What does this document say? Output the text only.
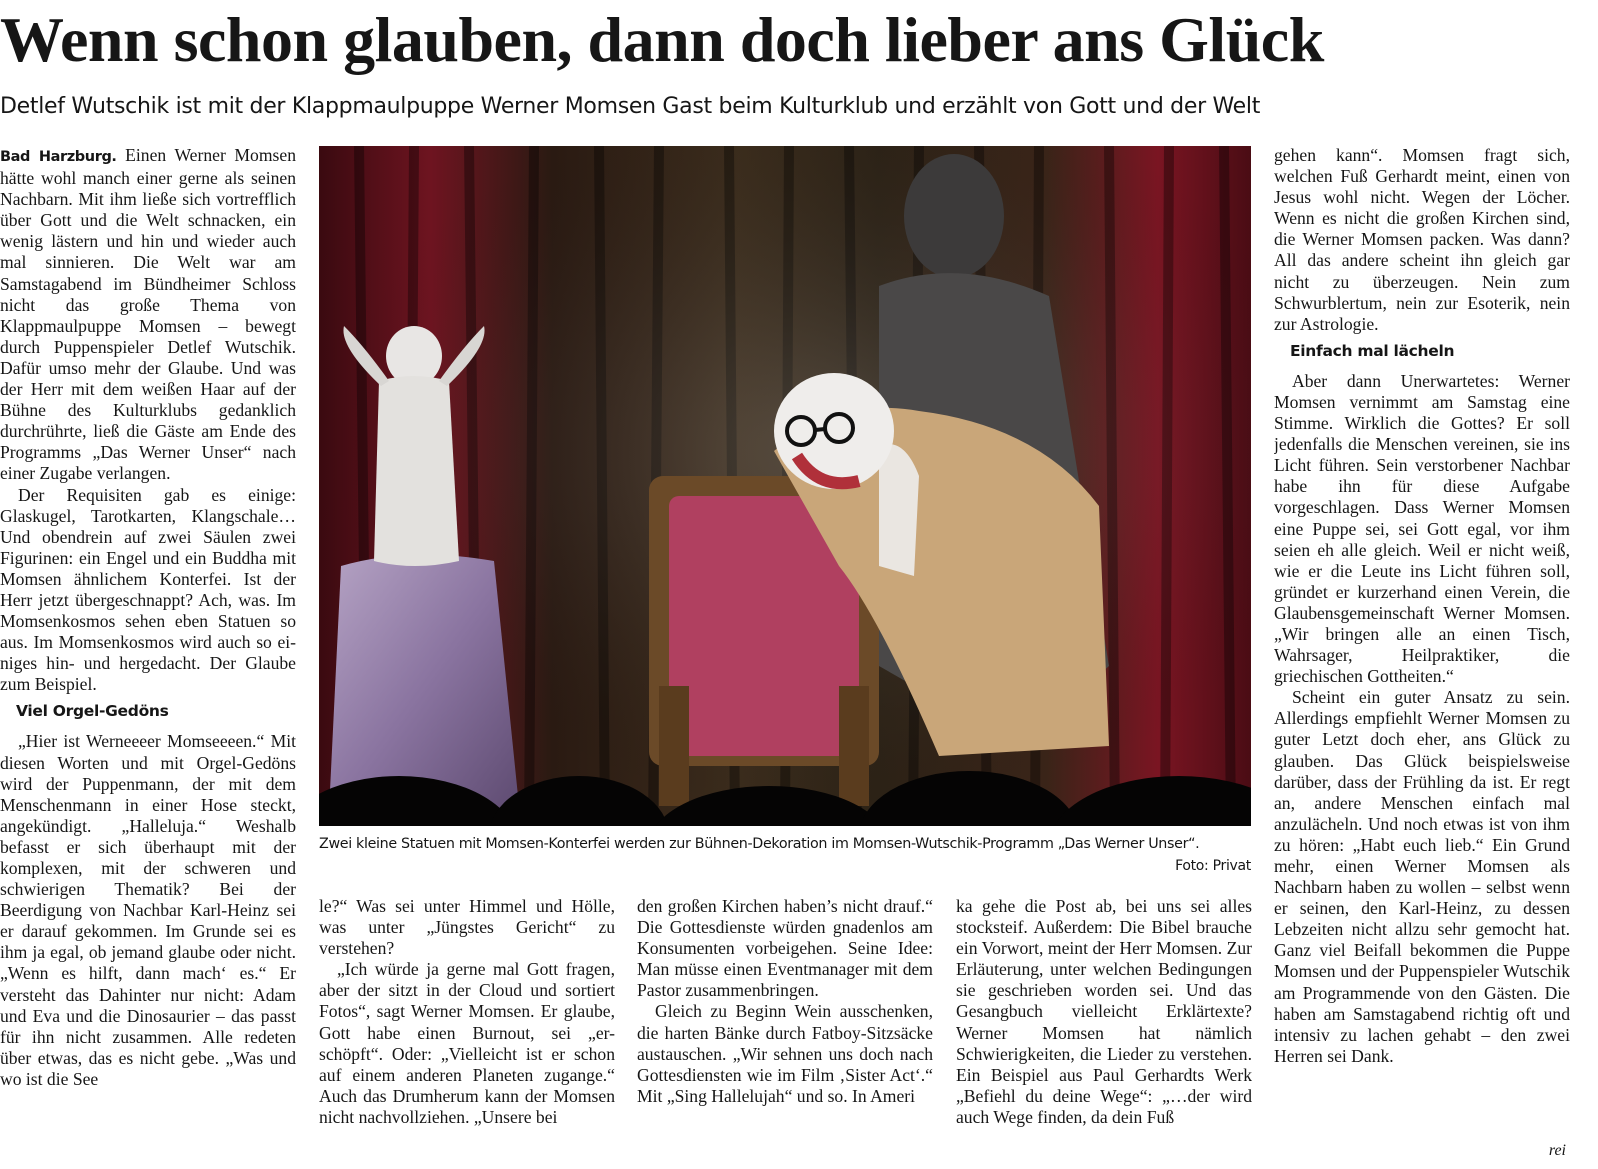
Wenn schon glauben, dann doch lieber ans Glück
Detlef Wutschik ist mit der Klappmaulpuppe Werner Momsen Gast beim Kulturklub und erzählt von Gott und der Welt

Bad Harzburg. Einen Werner Momsen hätte wohl manch einer gerne als seinen Nachbarn. Mit ihm ließe sich vortrefflich über Gott und die Welt schnacken, ein wenig lästern und hin und wieder auch mal sinnieren. Die Welt war am Samstagabend im Bündheimer Schloss nicht das große Thema von Klappmaulpuppe Momsen – bewegt durch Puppenspieler Detlef Wutschik. Dafür umso mehr der Glaube. Und was der Herr mit dem weißen Haar auf der Bühne des Kulturklubs gedanklich durchrührte, ließ die Gäste am Ende des Programms „Das Werner Unser“ nach einer Zugabe verlangen.

Der Requisiten gab es einige: Glaskugel, Tarotkarten, Klangschale… Und obendrein auf zwei Säulen zwei Figurinen: ein Engel und ein Buddha mit Momsen ähnlichem Konterfei. Ist der Herr jetzt übergeschnappt? Ach, was. Im Momsenkosmos sehen eben Statuen so aus. Im Momsenkosmos wird auch so einiges hin- und hergedacht. Der Glaube zum Beispiel.

Viel Orgel-Gedöns

„Hier ist Werneeeer Momseeeen.“ Mit diesen Worten und mit Orgel-Gedöns wird der Puppenmann, der mit dem Menschenmann in einer Hose steckt, angekündigt. „Halleluja.“ Weshalb befasst er sich überhaupt mit der komplexen, mit der schweren und schwierigen Thematik? Bei der Beerdigung von Nachbar Karl-Heinz sei er darauf gekommen. Im Grunde sei es ihm ja egal, ob jemand glaube oder nicht. „Wenn es hilft, dann mach‘ es.“ Er versteht das Dahinter nur nicht: Adam und Eva und die Dinosaurier – das passt für ihn nicht zusammen. Alle redeten über etwas, das es nicht gebe. „Was und wo ist die See

Zwei kleine Statuen mit Momsen-Konterfei werden zur Bühnen-Dekoration im Momsen-Wutschik-Programm „Das Werner Unser“.

Foto: Privat

le?“ Was sei unter Himmel und Hölle, was unter „Jüngstes Gericht“ zu verstehen?

„Ich würde ja gerne mal Gott fragen, aber der sitzt in der Cloud und sortiert Fotos“, sagt Werner Momsen. Er glaube, Gott habe einen Burnout, sei „er-schöpft“. Oder: „Vielleicht ist er schon auf einem anderen Planeten zugange.“ Auch das Drumherum kann der Momsen nicht nachvollziehen. „Unsere bei

den großen Kirchen haben’s nicht drauf.“ Die Gottesdienste würden gnadenlos am Konsumenten vorbeigehen. Seine Idee: Man müsse einen Eventmanager mit dem Pastor zusammenbringen.

Gleich zu Beginn Wein ausschenken, die harten Bänke durch Fatboy-Sitzsäcke austauschen. „Wir sehnen uns doch nach Gottesdiensten wie im Film ‚Sister Act‘.“ Mit „Sing Hallelujah“ und so. In Ameri

ka gehe die Post ab, bei uns sei alles stocksteif. Außerdem: Die Bibel brauche ein Vorwort, meint der Herr Momsen. Zur Erläuterung, unter welchen Bedingungen sie geschrieben worden sei. Und das Gesangbuch vielleicht Erklärtexte? Werner Momsen hat nämlich Schwierigkeiten, die Lieder zu verstehen. Ein Beispiel aus Paul Gerhardts Werk „Befiehl du deine Wege“: „…der wird auch Wege finden, da dein Fuß

gehen kann“. Momsen fragt sich, welchen Fuß Gerhardt meint, einen von Jesus wohl nicht. Wegen der Löcher. Wenn es nicht die großen Kirchen sind, die Werner Momsen packen. Was dann? All das andere scheint ihn gleich gar nicht zu überzeugen. Nein zum Schwurblertum, nein zur Esoterik, nein zur Astrologie.

Einfach mal lächeln

Aber dann Unerwartetes: Werner Momsen vernimmt am Samstag eine Stimme. Wirklich die Gottes? Er soll jedenfalls die Menschen vereinen, sie ins Licht führen. Sein verstorbener Nachbar habe ihn für diese Aufgabe vorgeschlagen. Dass Werner Momsen eine Puppe sei, sei Gott egal, vor ihm seien eh alle gleich. Weil er nicht weiß, wie er die Leute ins Licht führen soll, gründet er kurzerhand einen Verein, die Glaubensgemeinschaft Werner Momsen. „Wir bringen alle an einen Tisch, Wahrsager, Heilpraktiker, die griechischen Gottheiten.“

Scheint ein guter Ansatz zu sein. Allerdings empfiehlt Werner Momsen zu guter Letzt doch eher, ans Glück zu glauben. Das Glück beispielsweise darüber, dass der Frühling da ist. Er regt an, andere Menschen einfach mal anzulächeln. Und noch etwas ist von ihm zu hören: „Habt euch lieb.“ Ein Grund mehr, einen Werner Momsen als Nachbarn haben zu wollen – selbst wenn er seinen, den Karl-Heinz, zu dessen Lebzeiten nicht allzu sehr gemocht hat. Ganz viel Beifall bekommen die Puppe Momsen und der Puppenspieler Wutschik am Programmende von den Gästen. Die haben am Samstagabend richtig oft und intensiv zu lachen gehabt – den zwei Herren sei Dank.

rei
